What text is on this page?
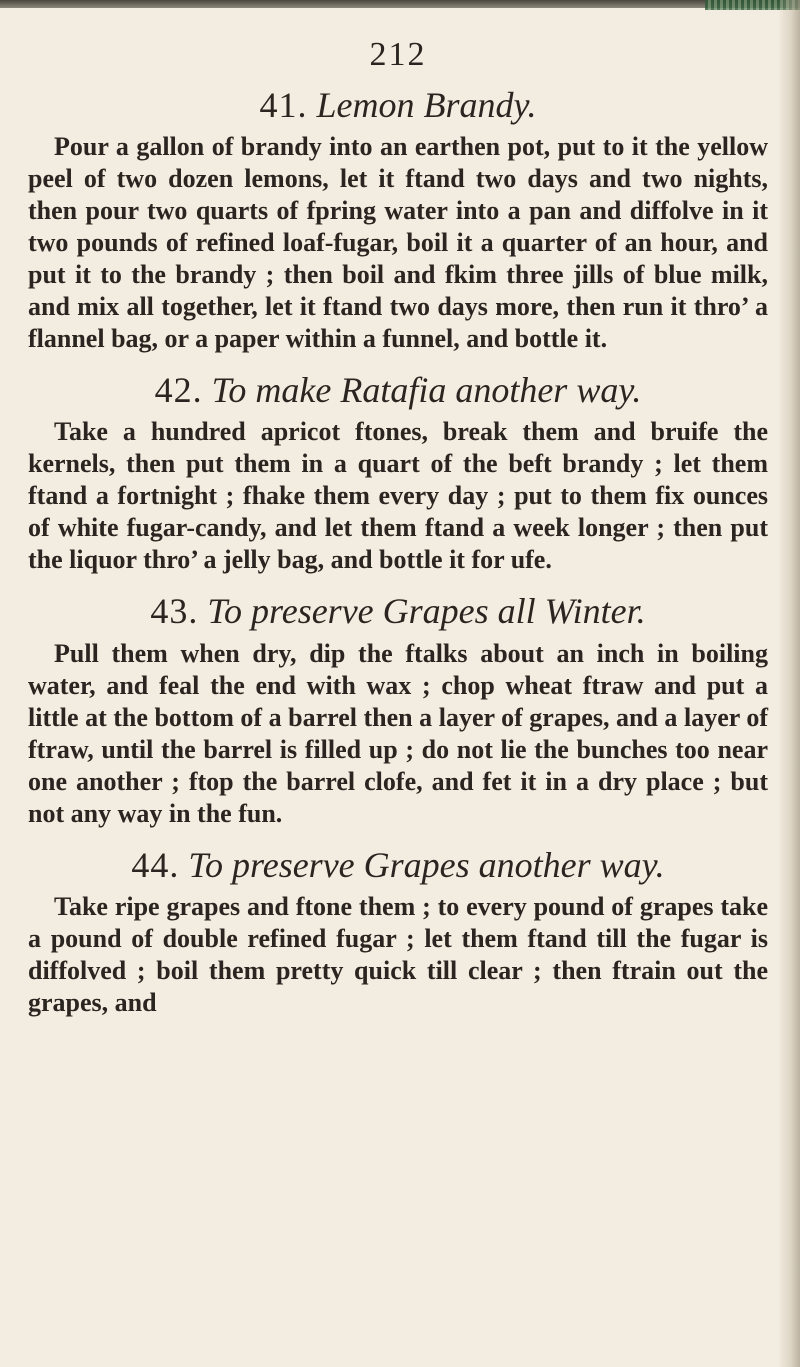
212
41. Lemon Brandy.

Pour a gallon of brandy into an earthen pot, put to it the yellow peel of two dozen lemons, let it ftand two days and two nights, then pour two quarts of fpring water into a pan and diffolve in it two pounds of refined loaf-fugar, boil it a quarter of an hour, and put it to the brandy ; then boil and fkim three jills of blue milk, and mix all together, let it ftand two days more, then run it thro’ a flannel bag, or a paper within a funnel, and bottle it.

42. To make Ratafia another way.

Take a hundred apricot ftones, break them and bruife the kernels, then put them in a quart of the beft brandy ; let them ftand a fortnight ; fhake them every day ; put to them fix ounces of white fugar-candy, and let them ftand a week longer ; then put the liquor thro’ a jelly bag, and bottle it for ufe.

43. To preserve Grapes all Winter.

Pull them when dry, dip the ftalks about an inch in boiling water, and feal the end with wax ; chop wheat ftraw and put a little at the bottom of a barrel then a layer of grapes, and a layer of ftraw, until the barrel is filled up ; do not lie the bunches too near one another ; ftop the barrel clofe, and fet it in a dry place ; but not any way in the fun.

44. To preserve Grapes another way.

Take ripe grapes and ftone them ; to every pound of grapes take a pound of double refined fugar ; let them ftand till the fugar is diffolved ; boil them pretty quick till clear ; then ftrain out the grapes, and
